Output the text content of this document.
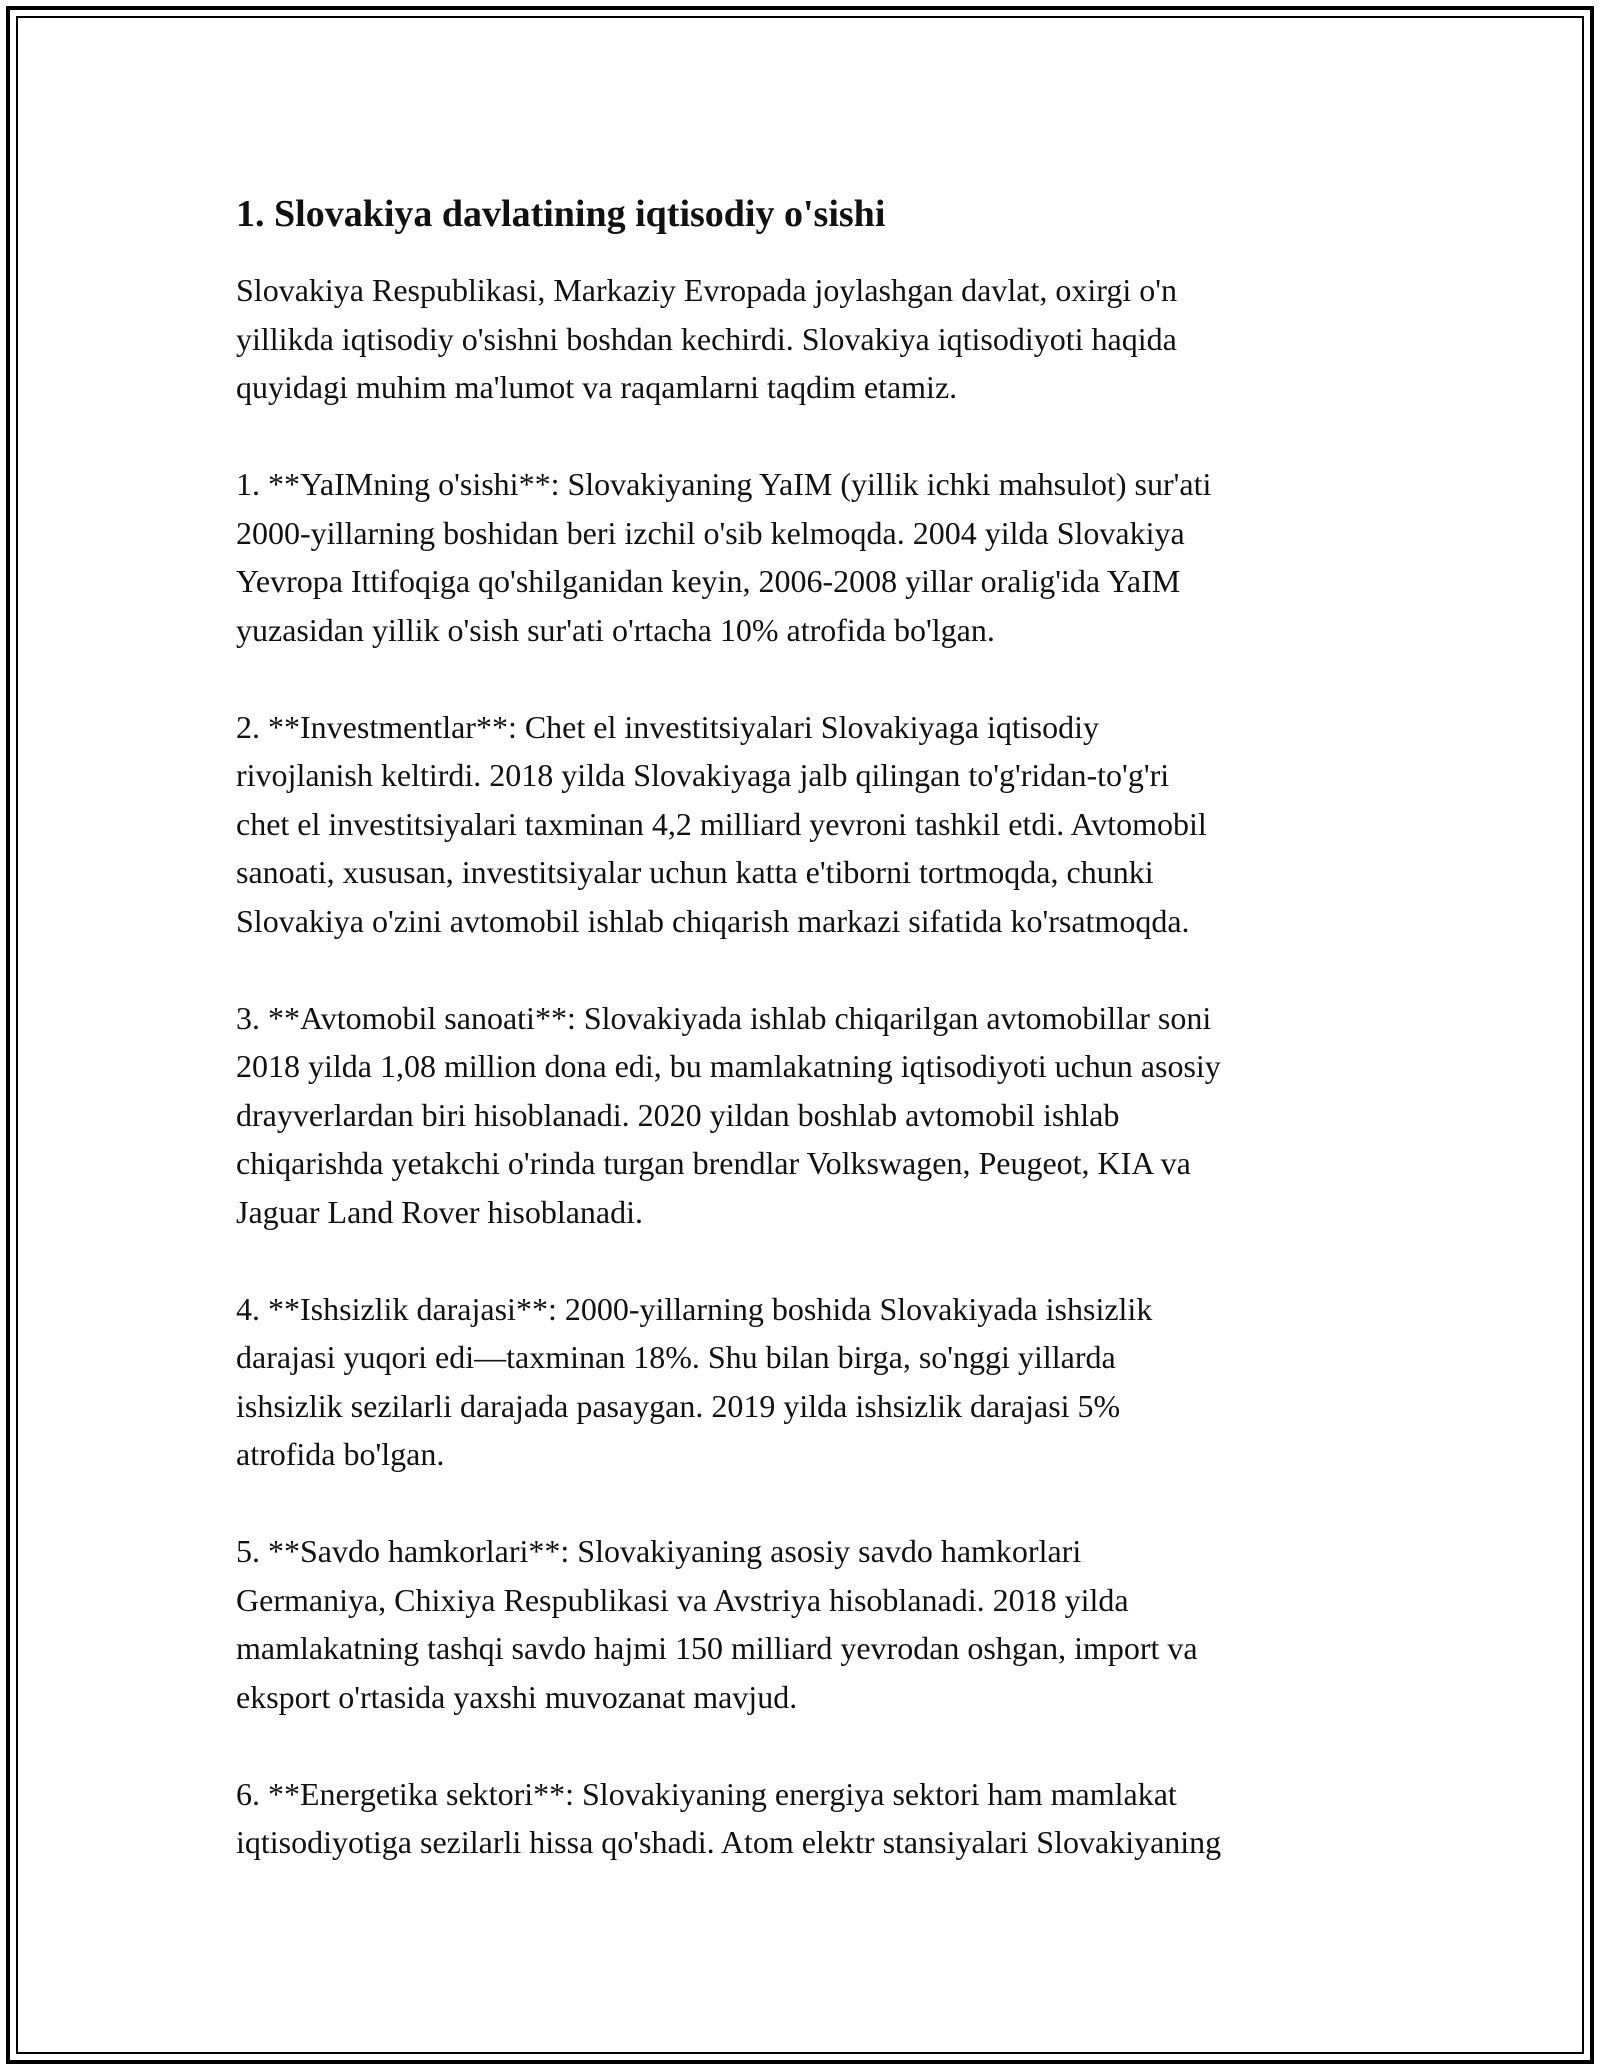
1. Slovakiya davlatining iqtisodiy o'sishi

Slovakiya Respublikasi, Markaziy Evropada joylashgan davlat, oxirgi o'n
yillikda iqtisodiy o'sishni boshdan kechirdi. Slovakiya iqtisodiyoti haqida
quyidagi muhim ma'lumot va raqamlarni taqdim etamiz.

1. **YaIMning o'sishi**: Slovakiyaning YaIM (yillik ichki mahsulot) sur'ati
2000-yillarning boshidan beri izchil o'sib kelmoqda. 2004 yilda Slovakiya
Yevropa Ittifoqiga qo'shilganidan keyin, 2006-2008 yillar oralig'ida YaIM
yuzasidan yillik o'sish sur'ati o'rtacha 10% atrofida bo'lgan.

2. **Investmentlar**: Chet el investitsiyalari Slovakiyaga iqtisodiy
rivojlanish keltirdi. 2018 yilda Slovakiyaga jalb qilingan to'g'ridan-to'g'ri
chet el investitsiyalari taxminan 4,2 milliard yevroni tashkil etdi. Avtomobil
sanoati, xususan, investitsiyalar uchun katta e'tiborni tortmoqda, chunki
Slovakiya o'zini avtomobil ishlab chiqarish markazi sifatida ko'rsatmoqda.

3. **Avtomobil sanoati**: Slovakiyada ishlab chiqarilgan avtomobillar soni
2018 yilda 1,08 million dona edi, bu mamlakatning iqtisodiyoti uchun asosiy
drayverlardan biri hisoblanadi. 2020 yildan boshlab avtomobil ishlab
chiqarishda yetakchi o'rinda turgan brendlar Volkswagen, Peugeot, KIA va
Jaguar Land Rover hisoblanadi.

4. **Ishsizlik darajasi**: 2000-yillarning boshida Slovakiyada ishsizlik
darajasi yuqori edi—taxminan 18%. Shu bilan birga, so'nggi yillarda
ishsizlik sezilarli darajada pasaygan. 2019 yilda ishsizlik darajasi 5%
atrofida bo'lgan.

5. **Savdo hamkorlari**: Slovakiyaning asosiy savdo hamkorlari
Germaniya, Chixiya Respublikasi va Avstriya hisoblanadi. 2018 yilda
mamlakatning tashqi savdo hajmi 150 milliard yevrodan oshgan, import va
eksport o'rtasida yaxshi muvozanat mavjud.

6. **Energetika sektori**: Slovakiyaning energiya sektori ham mamlakat
iqtisodiyotiga sezilarli hissa qo'shadi. Atom elektr stansiyalari Slovakiyaning
